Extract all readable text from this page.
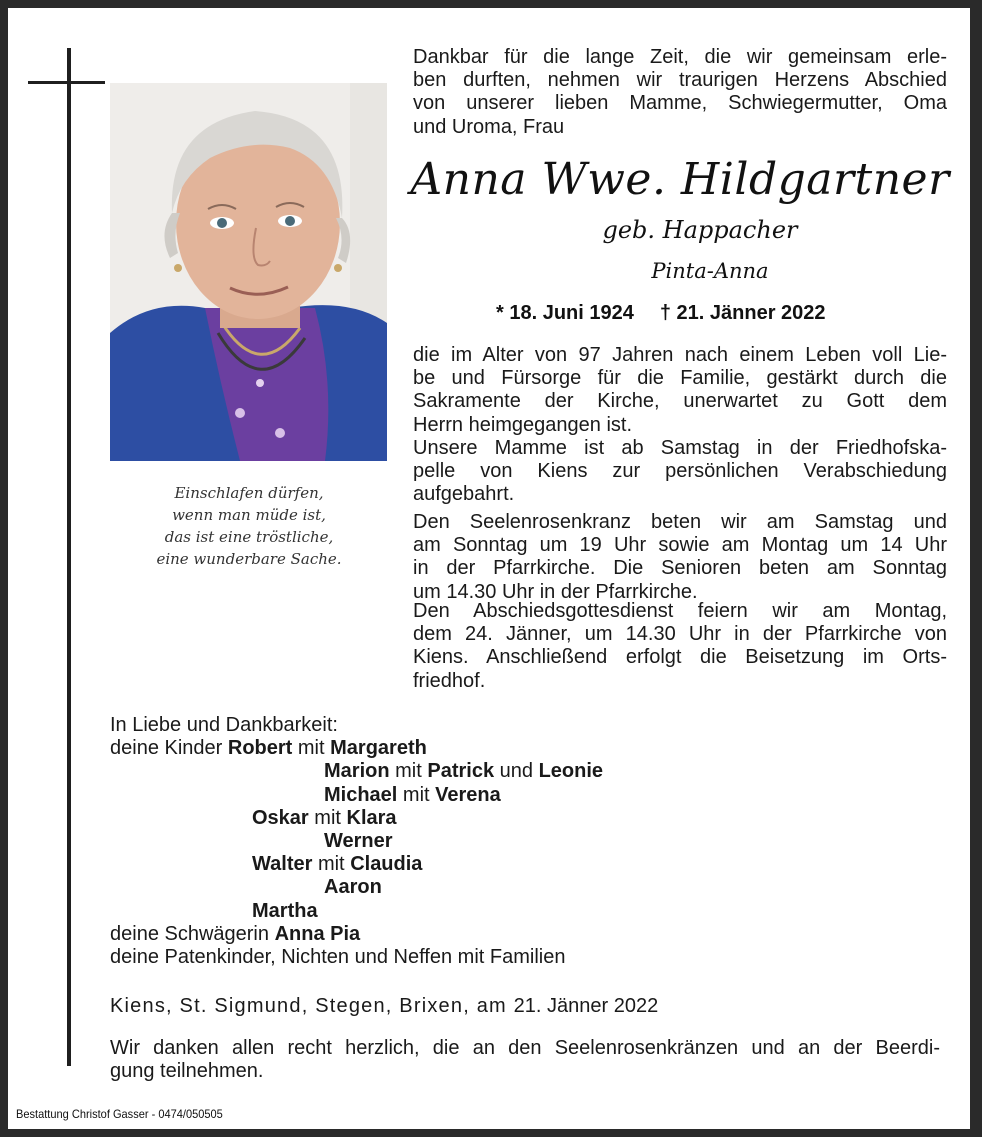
Einschlafen dürfen,
wenn man müde ist,
das ist eine tröstliche,
eine wunderbare Sache.
Dankbar für die lange Zeit, die wir gemeinsam erle-
ben durften, nehmen wir traurigen Herzens Abschied
von unserer lieben Mamme, Schwiegermutter, Oma
und Uroma, Frau
Anna Wwe. Hildgartner
geb. Happacher
Pinta-Anna
* 18. Juni 1924 † 21. Jänner 2022
die im Alter von 97 Jahren nach einem Leben voll Lie-
be und Fürsorge für die Familie, gestärkt durch die
Sakramente der Kirche, unerwartet zu Gott dem
Herrn heimgegangen ist.
Unsere Mamme ist ab Samstag in der Friedhofska-
pelle von Kiens zur persönlichen Verabschiedung
aufgebahrt.
Den Seelenrosenkranz beten wir am Samstag und
am Sonntag um 19 Uhr sowie am Montag um 14 Uhr
in der Pfarrkirche. Die Senioren beten am Sonntag
um 14.30 Uhr in der Pfarrkirche.
Den Abschiedsgottesdienst feiern wir am Montag,
dem 24. Jänner, um 14.30 Uhr in der Pfarrkirche von
Kiens. Anschließend erfolgt die Beisetzung im Orts-
friedhof.
In Liebe und Dankbarkeit:
deine Kinder Robert mit Margareth
Marion mit Patrick und Leonie
Michael mit Verena
Oskar mit Klara
Werner
Walter mit Claudia
Aaron
Martha
deine Schwägerin Anna Pia
deine Patenkinder, Nichten und Neffen mit Familien
Kiens, St. Sigmund, Stegen, Brixen, am 21. Jänner 2022
Wir danken allen recht herzlich, die an den Seelenrosenkränzen und an der Beerdi-
gung teilnehmen.
Bestattung Christof Gasser - 0474/050505
